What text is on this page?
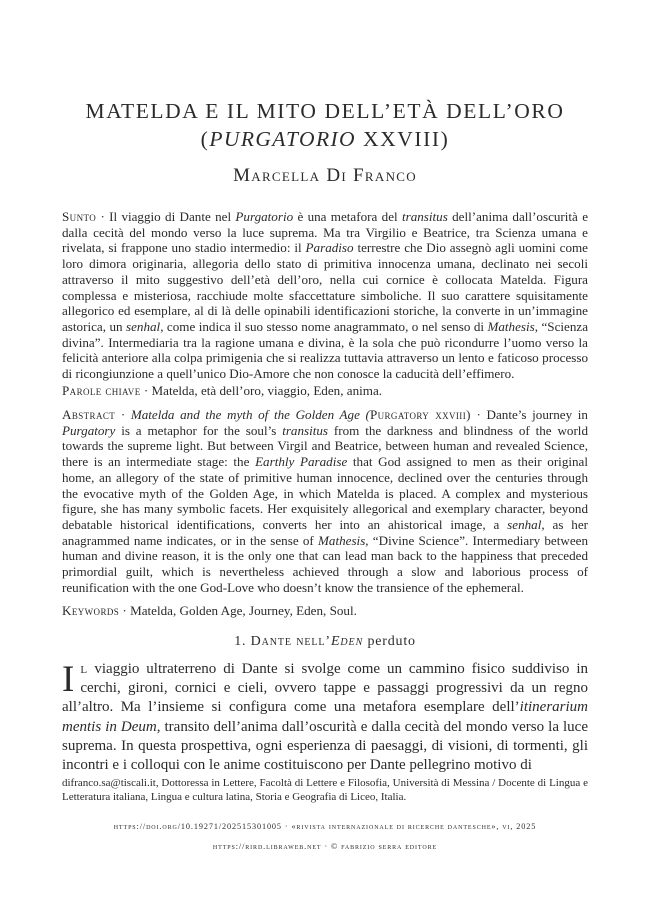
MATELDA E IL MITO DELL’ETÀ DELL’ORO
(PURGATORIO XXVIII)
Marcella Di Franco

Sunto · Il viaggio di Dante nel Purgatorio è una metafora del transitus dell’anima dall’oscurità e dalla cecità del mondo verso la luce suprema. Ma tra Virgilio e Beatrice, tra Scienza umana e rivelata, si frappone uno stadio intermedio: il Paradiso terrestre che Dio assegnò agli uomini come loro dimora originaria, allegoria dello stato di primitiva innocenza umana, declinato nei secoli attraverso il mito suggestivo dell’età dell’oro, nella cui cornice è collocata Matelda. Figura complessa e misteriosa, racchiude molte sfaccettature simboliche. Il suo carattere squisitamente allegorico ed esemplare, al di là delle opinabili identificazioni storiche, la converte in un’immagine astorica, un senhal, come indica il suo stesso nome anagrammato, o nel senso di Mathesis, “Scienza divina”. Intermediaria tra la ragione umana e divina, è la sola che può ricondurre l’uomo verso la felicità anteriore alla colpa primigenia che si realizza tuttavia attraverso un lento e faticoso processo di ricongiunzione a quell’unico Dio-Amore che non conosce la caducità dell’effimero.

Parole chiave · Matelda, età dell’oro, viaggio, Eden, anima.

Abstract · Matelda and the myth of the Golden Age (Purgatory xxviii) · Dante’s journey in Purgatory is a metaphor for the soul’s transitus from the darkness and blindness of the world towards the supreme light. But between Virgil and Beatrice, between human and revealed Science, there is an intermediate stage: the Earthly Paradise that God assigned to men as their original home, an allegory of the state of primitive human innocence, declined over the centuries through the evocative myth of the Golden Age, in which Matelda is placed. A complex and mysterious figure, she has many symbolic facets. Her exquisitely allegorical and exemplary character, beyond debatable historical identifications, converts her into an ahistorical image, a senhal, as her anagrammed name indicates, or in the sense of Mathesis, “Divine Science”. Intermediary between human and divine reason, it is the only one that can lead man back to the happiness that preceded primordial guilt, which is nevertheless achieved through a slow and laborious process of reunification with the one God-Love who doesn’t know the transience of the ephemeral.

Keywords · Matelda, Golden Age, Journey, Eden, Soul.

1. Dante nell’Eden perduto

Il viaggio ultraterreno di Dante si svolge come un cammino fisico suddiviso in cerchi, gironi, cornici e cieli, ovvero tappe e passaggi progressivi da un regno all’altro. Ma l’insieme si configura come una metafora esemplare dell’itinerarium mentis in Deum, transito dell’anima dall’oscurità e dalla cecità del mondo verso la luce suprema. In questa prospettiva, ogni esperienza di paesaggi, di visioni, di tormenti, gli incontri e i colloqui con le anime costituiscono per Dante pellegrino motivo di

difranco.sa@tiscali.it, Dottoressa in Lettere, Facoltà di Lettere e Filosofia, Università di Messina / Docente di Lingua e Letteratura italiana, Lingua e cultura latina, Storia e Geografia di Liceo, Italia.

https://doi.org/10.19271/202515301005 · «rivista internazionale di ricerche dantesche», vi, 2025
https://rird.libraweb.net · © fabrizio serra editore
